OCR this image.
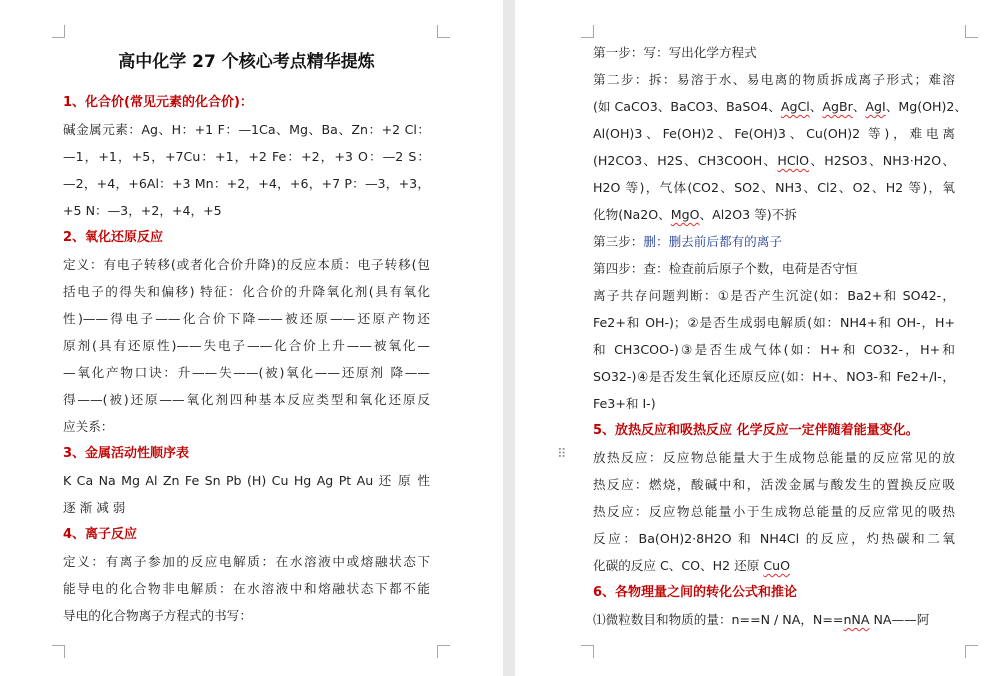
高中化学 27 个核心考点精华提炼
1、化合价(常见元素的化合价)：
碱金属元素：Ag、H：+1 F：—1Ca、Mg、Ba、Zn：+2 Cl：
—1，+1，+5，+7Cu：+1，+2 Fe：+2，+3 O：—2 S：
—2，+4，+6Al：+3 Mn：+2，+4，+6，+7 P：—3，+3，
+5 N：—3，+2，+4，+5
2、氧化还原反应
定义：有电子转移(或者化合价升降)的反应本质：电子转移(包
括电子的得失和偏移) 特征：化合价的升降氧化剂(具有氧化
性)——得电子——化合价下降——被还原——还原产物还
原剂(具有还原性)——失电子——化合价上升——被氧化—
—氧化产物口诀：升——失——(被)氧化——还原剂 降——
得——(被)还原——氧化剂四种基本反应类型和氧化还原反
应关系：
3、金属活动性顺序表
K Ca Na Mg Al Zn Fe Sn Pb (H) Cu Hg Ag Pt Au 还 原 性
逐 渐 减 弱
4、离子反应
定义：有离子参加的反应电解质：在水溶液中或熔融状态下
能导电的化合物非电解质：在水溶液中和熔融状态下都不能
导电的化合物离子方程式的书写：
第一步：写：写出化学方程式
第二步：拆：易溶于水、易电离的物质拆成离子形式；难溶
(如 CaCO3、BaCO3、BaSO4、AgCl、AgBr、AgI、Mg(OH)2、
Al(OH)3、Fe(OH)2、Fe(OH)3、Cu(OH)2 等)，难电离
(H2CO3、H2S、CH3COOH、HClO、H2SO3、NH3·H2O、
H2O 等)，气体(CO2、SO2、NH3、Cl2、O2、H2 等)，氧
化物(Na2O、MgO、Al2O3 等)不拆
第三步：删：删去前后都有的离子
第四步：查：检查前后原子个数，电荷是否守恒
离子共存问题判断：①是否产生沉淀(如：Ba2+和 SO42-，
Fe2+和 OH-)；②是否生成弱电解质(如：NH4+和 OH-，H+
和 CH3COO-)③是否生成气体(如：H+和 CO32-，H+和
SO32-)④是否发生氧化还原反应(如：H+、NO3-和 Fe2+/I-，
Fe3+和 I-)
5、放热反应和吸热反应 化学反应一定伴随着能量变化。
放热反应：反应物总能量大于生成物总能量的反应常见的放
热反应：燃烧，酸碱中和，活泼金属与酸发生的置换反应吸
热反应：反应物总能量小于生成物总能量的反应常见的吸热
反应：Ba(OH)2·8H2O 和 NH4Cl 的反应，灼热碳和二氧
化碳的反应 C、CO、H2 还原 CuO
6、各物理量之间的转化公式和推论
⑴微粒数目和物质的量：n==N / NA，N==nNA NA——阿
⠿
